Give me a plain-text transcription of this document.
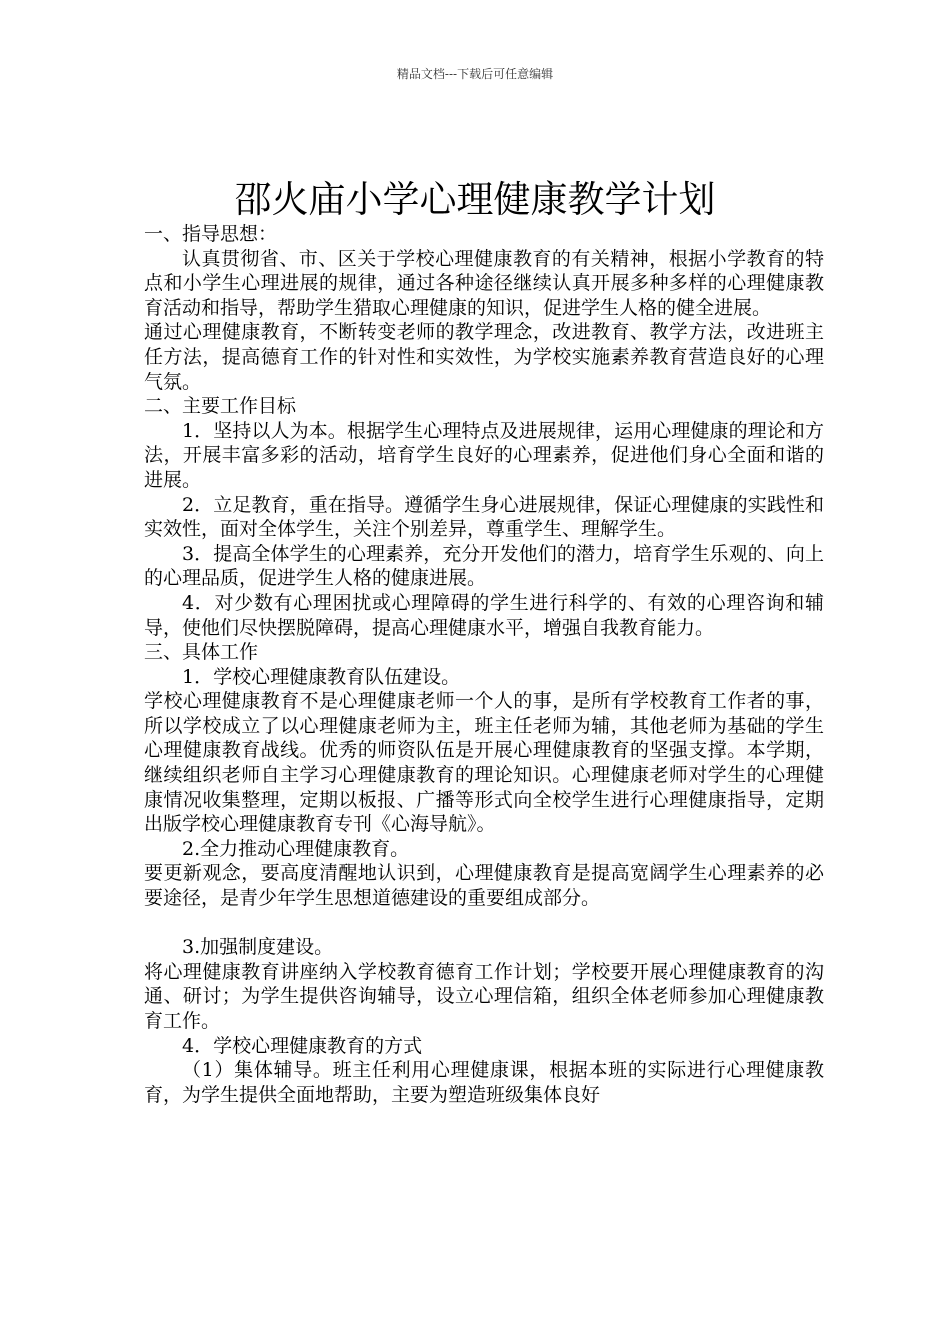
精品文档---下载后可任意编辑
邵火庙小学心理健康教学计划

一、指导思想：

认真贯彻省、市、区关于学校心理健康教育的有关精神，根据小学教育的特点和小学生心理进展的规律，通过各种途径继续认真开展多种多样的心理健康教育活动和指导，帮助学生猎取心理健康的知识，促进学生人格的健全进展。

通过心理健康教育，不断转变老师的教学理念，改进教育、教学方法，改进班主任方法，提高德育工作的针对性和实效性，为学校实施素养教育营造良好的心理气氛。

二、主要工作目标

1．坚持以人为本。根据学生心理特点及进展规律，运用心理健康的理论和方法，开展丰富多彩的活动，培育学生良好的心理素养，促进他们身心全面和谐的进展。

2．立足教育，重在指导。遵循学生身心进展规律，保证心理健康的实践性和实效性，面对全体学生，关注个别差异，尊重学生、理解学生。

3．提高全体学生的心理素养，充分开发他们的潜力，培育学生乐观的、向上的心理品质，促进学生人格的健康进展。

4．对少数有心理困扰或心理障碍的学生进行科学的、有效的心理咨询和辅导，使他们尽快摆脱障碍，提高心理健康水平，增强自我教育能力。

三、具体工作

1．学校心理健康教育队伍建设。

学校心理健康教育不是心理健康老师一个人的事，是所有学校教育工作者的事，所以学校成立了以心理健康老师为主，班主任老师为辅，其他老师为基础的学生心理健康教育战线。优秀的师资队伍是开展心理健康教育的坚强支撑。本学期，继续组织老师自主学习心理健康教育的理论知识。心理健康老师对学生的心理健康情况收集整理，定期以板报、广播等形式向全校学生进行心理健康指导，定期出版学校心理健康教育专刊《心海导航》。

2.全力推动心理健康教育。

要更新观念，要高度清醒地认识到，心理健康教育是提高宽阔学生心理素养的必要途径，是青少年学生思想道德建设的重要组成部分。

3.加强制度建设。

将心理健康教育讲座纳入学校教育德育工作计划；学校要开展心理健康教育的沟通、研讨；为学生提供咨询辅导，设立心理信箱，组织全体老师参加心理健康教育工作。

4．学校心理健康教育的方式

（1）集体辅导。班主任利用心理健康课，根据本班的实际进行心理健康教育，为学生提供全面地帮助，主要为塑造班级集体良好
